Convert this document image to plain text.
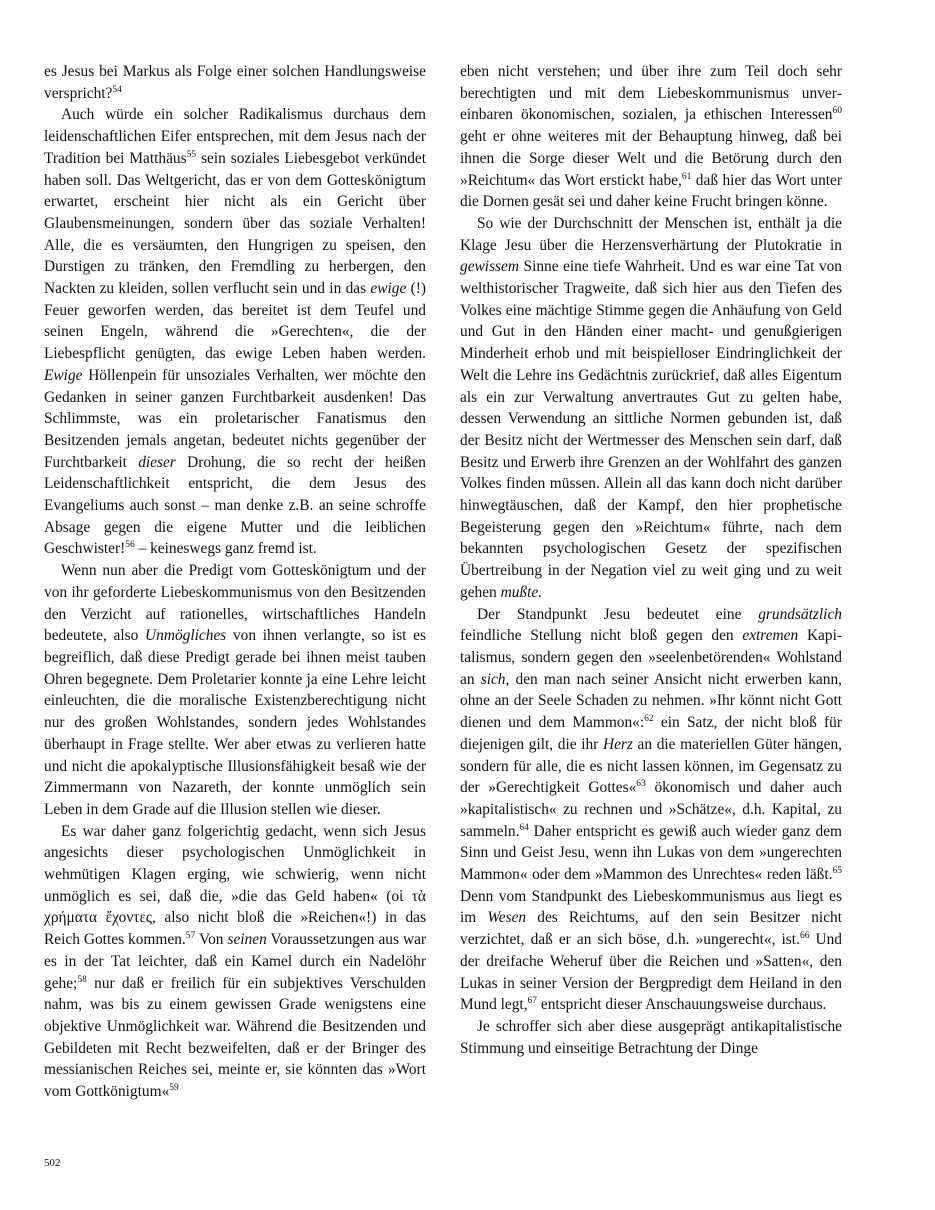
es Jesus bei Markus als Folge einer solchen Handlungsweise verspricht?$^{54}$

Auch würde ein solcher Radikalismus durchaus dem leidenschaftlichen Eifer entsprechen, mit dem Jesus nach der Tradition bei Matthäus$^{55}$ sein soziales Liebesgebot verkündet haben soll. Das Weltgericht, das er von dem Gotteskönigtum erwartet, erscheint hier nicht als ein Gericht über Glaubensmeinungen, sondern über das soziale Verhalten! Alle, die es versäumten, den Hungrigen zu speisen, den Durstigen zu tränken, den Fremdling zu herbergen, den Nackten zu kleiden, sollen verflucht sein und in das ewige (!) Feuer geworfen werden, das bereitet ist dem Teufel und seinen Engeln, während die »Gerechten«, die der Liebespflicht genügten, das ewige Leben haben werden. Ewige Höllenpein für unsoziales Verhalten, wer möchte den Gedanken in seiner ganzen Furchtbarkeit ausdenken! Das Schlimmste, was ein proletarischer Fanatismus den Besitzenden jemals angetan, bedeutet nichts gegenüber der Furchtbarkeit dieser Drohung, die so recht der heißen Leidenschaftlichkeit entspricht, die dem Jesus des Evangeliums auch sonst – man denke z.B. an seine schroffe Absage gegen die eigene Mutter und die leiblichen Geschwister!$^{56}$ – keineswegs ganz fremd ist.

Wenn nun aber die Predigt vom Gotteskönigtum und der von ihr geforderte Liebeskommunismus von den Besitzenden den Verzicht auf rationelles, wirtschaftliches Handeln bedeutete, also Unmögliches von ihnen verlangte, so ist es begreiflich, daß diese Predigt gerade bei ihnen meist tauben Ohren begegnete. Dem Proletarier konnte ja eine Lehre leicht einleuchten, die die moralische Existenzberechtigung nicht nur des großen Wohlstandes, sondern jedes Wohlstandes überhaupt in Frage stellte. Wer aber etwas zu verlieren hatte und nicht die apokalyptische Illusionsfähigkeit besaß wie der Zimmermann von Nazareth, der konnte unmöglich sein Leben in dem Grade auf die Illusion stellen wie dieser.

Es war daher ganz folgerichtig gedacht, wenn sich Jesus angesichts dieser psychologischen Unmöglichkeit in wehmütigen Klagen erging, wie schwierig, wenn nicht unmöglich es sei, daß die, »die das Geld haben« (οἱ τὰ χρήματα ἔχοντες, also nicht bloß die »Reichen«!) in das Reich Gottes kommen.$^{57}$ Von seinen Voraussetzungen aus war es in der Tat leichter, daß ein Kamel durch ein Nadelöhr gehe;$^{58}$ nur daß er freilich für ein subjektives Verschulden nahm, was bis zu einem gewissen Grade wenigstens eine objektive Unmöglichkeit war. Während die Besitzenden und Gebildeten mit Recht bezweifelten, daß er der Bringer des messianischen Reiches sei, meinte er, sie könnten das »Wort vom Gottkönigtum«$^{59}$

eben nicht verstehen; und über ihre zum Teil doch sehr berechtigten und mit dem Liebeskommunismus unvereinbaren ökonomischen, sozialen, ja ethischen Interessen$^{60}$ geht er ohne weiteres mit der Behauptung hinweg, daß bei ihnen die Sorge dieser Welt und die Betörung durch den »Reichtum« das Wort erstickt habe,$^{61}$ daß hier das Wort unter die Dornen gesät sei und daher keine Frucht bringen könne.

So wie der Durchschnitt der Menschen ist, enthält ja die Klage Jesu über die Herzensverhärtung der Plutokratie in gewissem Sinne eine tiefe Wahrheit. Und es war eine Tat von welthistorischer Tragweite, daß sich hier aus den Tiefen des Volkes eine mächtige Stimme gegen die Anhäufung von Geld und Gut in den Händen einer macht- und genußgierigen Minderheit erhob und mit beispielloser Eindringlichkeit der Welt die Lehre ins Gedächtnis zurückrief, daß alles Eigentum als ein zur Verwaltung anvertrautes Gut zu gelten habe, dessen Verwendung an sittliche Normen gebunden ist, daß der Besitz nicht der Wertmesser des Menschen sein darf, daß Besitz und Erwerb ihre Grenzen an der Wohlfahrt des ganzen Volkes finden müssen. Allein all das kann doch nicht darüber hinwegtäuschen, daß der Kampf, den hier prophetische Begeisterung gegen den »Reichtum« führte, nach dem bekannten psychologischen Gesetz der spezifischen Übertreibung in der Negation viel zu weit ging und zu weit gehen mußte.

Der Standpunkt Jesu bedeutet eine grundsätzlich feindliche Stellung nicht bloß gegen den extremen Kapitalismus, sondern gegen den »seelenbetörenden« Wohlstand an sich, den man nach seiner Ansicht nicht erwerben kann, ohne an der Seele Schaden zu nehmen. »Ihr könnt nicht Gott dienen und dem Mammon«:$^{62}$ ein Satz, der nicht bloß für diejenigen gilt, die ihr Herz an die materiellen Güter hängen, sondern für alle, die es nicht lassen können, im Gegensatz zu der »Gerechtigkeit Gottes«$^{63}$ ökonomisch und daher auch »kapitalistisch« zu rechnen und »Schätze«, d.h. Kapital, zu sammeln.$^{64}$ Daher entspricht es gewiß auch wieder ganz dem Sinn und Geist Jesu, wenn ihn Lukas von dem »ungerechten Mammon« oder dem »Mammon des Unrechtes« reden läßt.$^{65}$ Denn vom Standpunkt des Liebeskommunismus aus liegt es im Wesen des Reichtums, auf den sein Besitzer nicht verzichtet, daß er an sich böse, d.h. »ungerecht«, ist.$^{66}$ Und der dreifache Weheruf über die Reichen und »Satten«, den Lukas in seiner Version der Bergpredigt dem Heiland in den Mund legt,$^{67}$ entspricht dieser Anschauungsweise durchaus.

Je schroffer sich aber diese ausgeprägt antikapitalistische Stimmung und einseitige Betrachtung der Dinge

502
